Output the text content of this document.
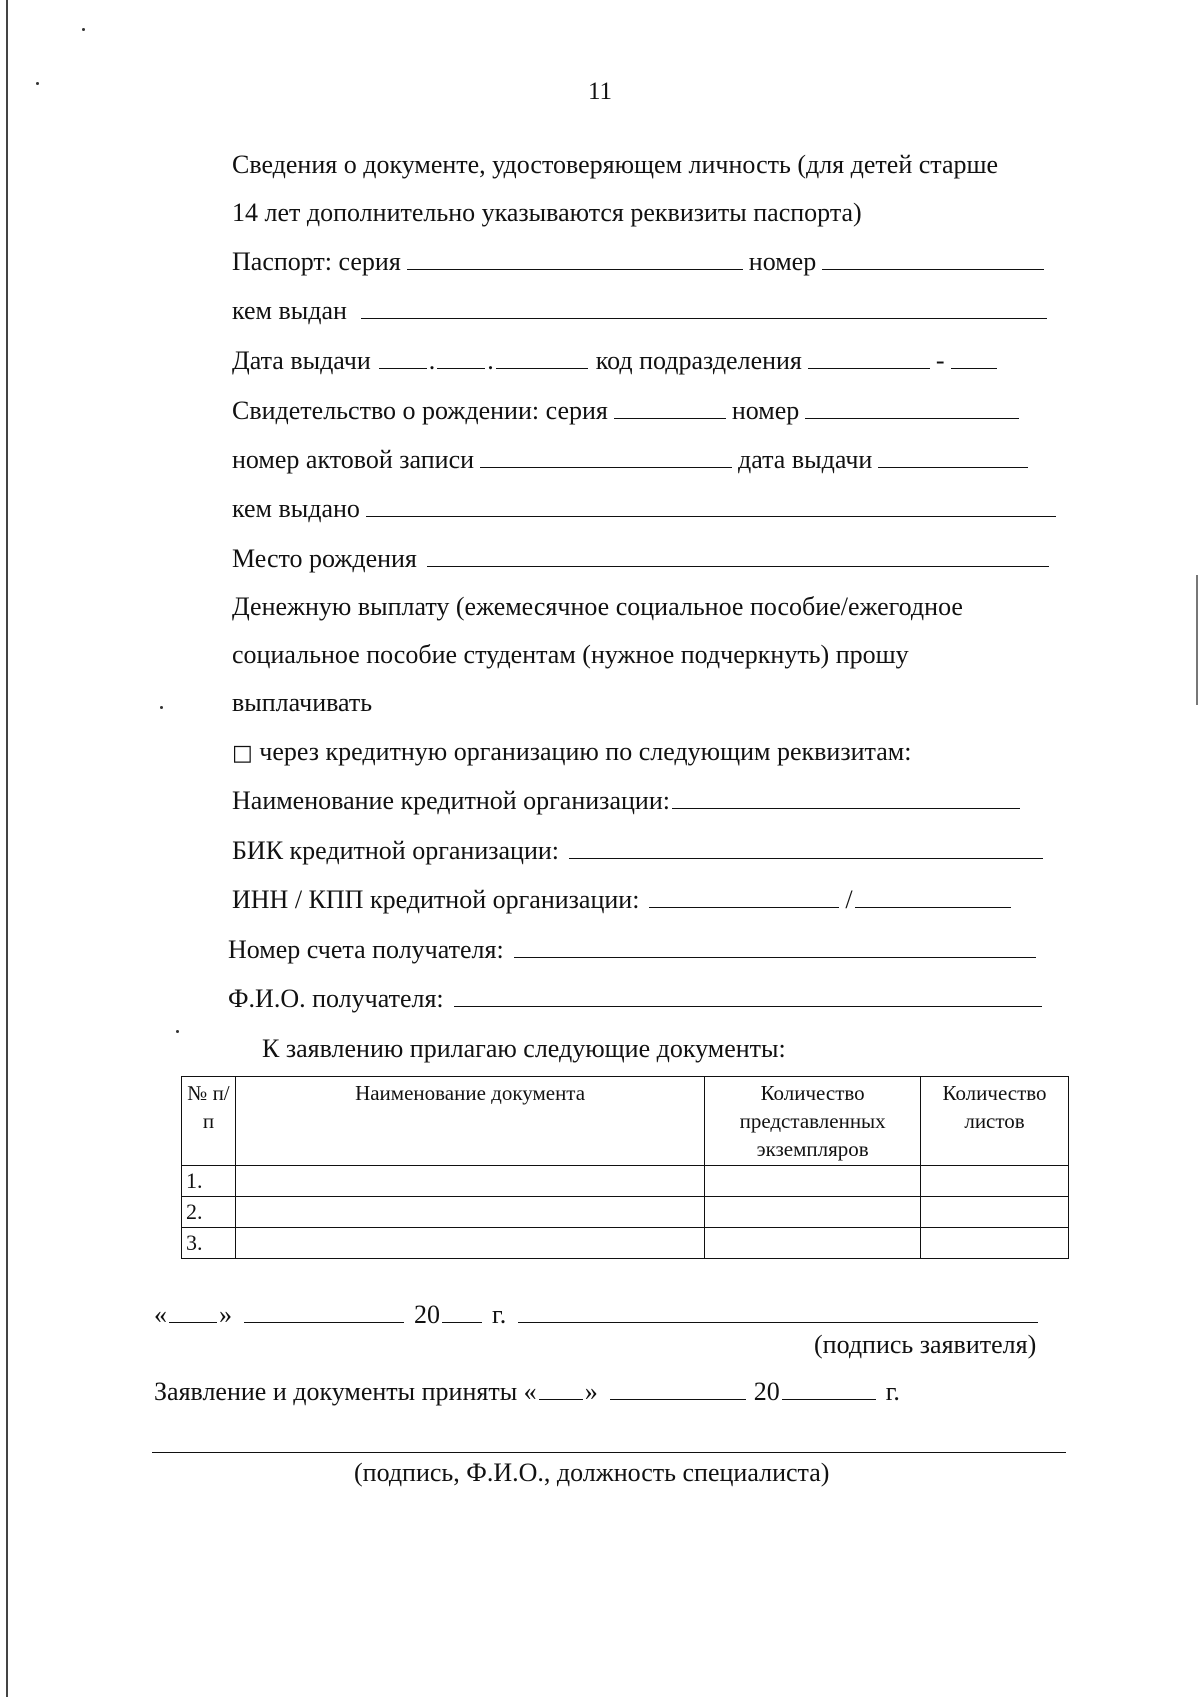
11
Сведения о документе, удостоверяющем личность (для детей старше
14 лет дополнительно указываются реквизиты паспорта)
Паспорт: серия	номер
кем выдан
Дата выдачи . .	код подразделения	-
Свидетельство о рождении: серия	номер
номер актовой записи	дата выдачи
кем выдано
Место рождения
Денежную выплату (ежемесячное социальное пособие/ежегодное
социальное пособие студентам (нужное подчеркнуть) прошу
выплачивать
□ через кредитную организацию по следующим реквизитам:
Наименование кредитной организации:
БИК кредитной организации:
ИНН / КПП кредитной организации:	/
Номер счета получателя:
Ф.И.О. получателя:
К заявлению прилагаю следующие документы:
№ п/п	Наименование документа	Количество представленных экземпляров	Количество листов
1.			
2.			
3.			
« »	20 г.
(подпись заявителя)
Заявление и документы приняты « »	20	г.
(подпись, Ф.И.О., должность специалиста)
